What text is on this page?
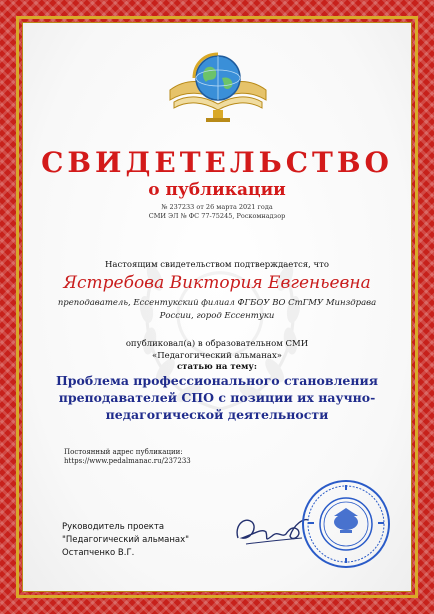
СВИДЕТЕЛЬСТВО
о публикации
№ 237233 от 26 марта 2021 года
СМИ ЭЛ № ФС 77-75245, Роскомнадзор
Настоящим свидетельством подтверждается, что
Ястребова Виктория Евгеньевна
преподаватель, Ессентукский филиал ФГБОУ ВО СтГМУ Минздрава
России, город Ессентуки
опубликовал(а) в образовательном СМИ
«Педагогический альманах»
статью на тему:
Проблема профессионального становления
преподавателей СПО с позиции их научно-
педагогической деятельности
Постоянный адрес публикации:
https://www.pedalmanac.ru/237233
Руководитель проекта
"Педагогический альманах"
Остапченко В.Г.
